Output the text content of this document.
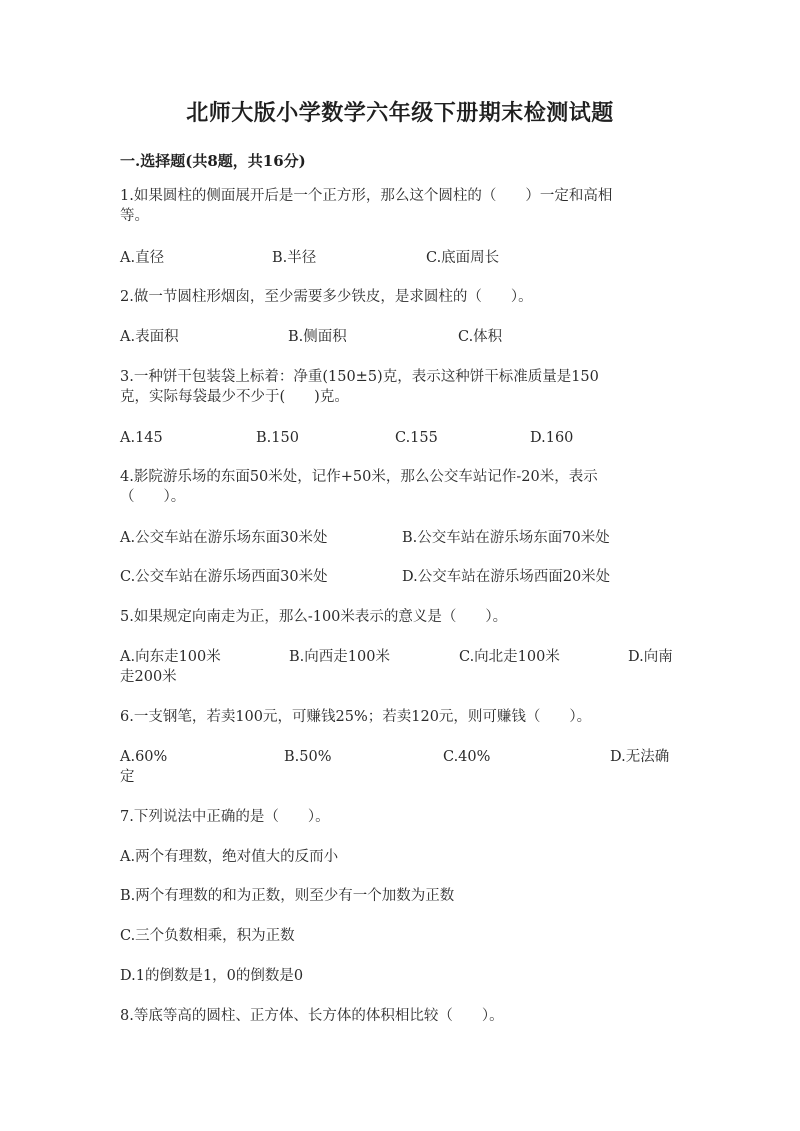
北师大版小学数学六年级下册期末检测试题
一.选择题(共8题，共16分)
1.如果圆柱的侧面展开后是一个正方形，那么这个圆柱的（　　）一定和高相
等。
A.直径	B.半径	C.底面周长
2.做一节圆柱形烟囱，至少需要多少铁皮，是求圆柱的（　　）。
A.表面积	B.侧面积	C.体积
3.一种饼干包装袋上标着：净重(150±5)克，表示这种饼干标准质量是150
克，实际每袋最少不少于(　　)克。
A.145	B.150	C.155	D.160
4.影院游乐场的东面50米处，记作+50米，那么公交车站记作-20米，表示
（　　）。
A.公交车站在游乐场东面30米处	B.公交车站在游乐场东面70米处
C.公交车站在游乐场西面30米处	D.公交车站在游乐场西面20米处
5.如果规定向南走为正，那么-100米表示的意义是（　　）。
A.向东走100米	B.向西走100米	C.向北走100米	D.向南
走200米
6.一支钢笔，若卖100元，可赚钱25%；若卖120元，则可赚钱（　　）。
A.60%	B.50%	C.40%	D.无法确
定
7.下列说法中正确的是（　　）。
A.两个有理数，绝对值大的反而小
B.两个有理数的和为正数，则至少有一个加数为正数
C.三个负数相乘，积为正数
D.1的倒数是1，0的倒数是0
8.等底等高的圆柱、正方体、长方体的体积相比较（　　）。
